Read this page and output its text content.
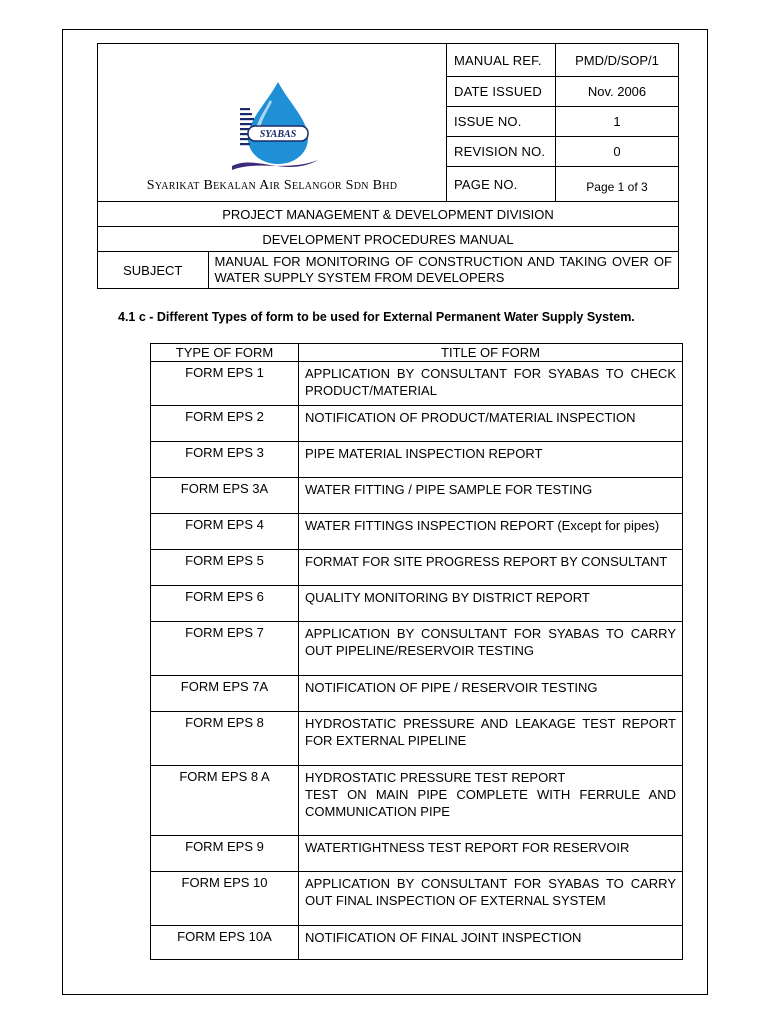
SYABAS
Syarikat Bekalan Air Selangor Sdn Bhd
	MANUAL REF.	PMD/D/SOP/1
DATE ISSUED	Nov. 2006
ISSUE NO.	1
REVISION NO.	0
PAGE NO.	Page 1 of 3
PROJECT MANAGEMENT & DEVELOPMENT DIVISION
DEVELOPMENT PROCEDURES MANUAL

SUBJECT	MANUAL FOR MONITORING OF CONSTRUCTION AND TAKING OVER OF WATER SUPPLY SYSTEM FROM DEVELOPERS
4.1 c - Different Types of form to be used for External Permanent Water Supply System.
TYPE OF FORM	TITLE OF FORM
FORM EPS 1	APPLICATION BY CONSULTANT FOR SYABAS TO CHECK PRODUCT/MATERIAL
FORM EPS 2	NOTIFICATION OF PRODUCT/MATERIAL INSPECTION
FORM EPS 3	PIPE MATERIAL INSPECTION REPORT
FORM EPS 3A	WATER FITTING / PIPE SAMPLE FOR TESTING
FORM EPS 4	WATER FITTINGS INSPECTION REPORT (Except for pipes)
FORM EPS 5	FORMAT FOR SITE PROGRESS REPORT BY CONSULTANT
FORM EPS 6	QUALITY MONITORING BY DISTRICT REPORT
FORM EPS 7	APPLICATION BY CONSULTANT FOR SYABAS TO CARRY OUT PIPELINE/RESERVOIR TESTING
FORM EPS 7A	NOTIFICATION OF PIPE / RESERVOIR TESTING
FORM EPS 8	HYDROSTATIC PRESSURE AND LEAKAGE TEST REPORT FOR EXTERNAL PIPELINE
FORM EPS 8 A	HYDROSTATIC PRESSURE TEST REPORT
TEST ON MAIN PIPE COMPLETE WITH FERRULE AND COMMUNICATION PIPE
FORM EPS 9	WATERTIGHTNESS TEST REPORT FOR RESERVOIR
FORM EPS 10	APPLICATION BY CONSULTANT FOR SYABAS TO CARRY OUT FINAL INSPECTION OF EXTERNAL SYSTEM
FORM EPS 10A	NOTIFICATION OF FINAL JOINT INSPECTION
